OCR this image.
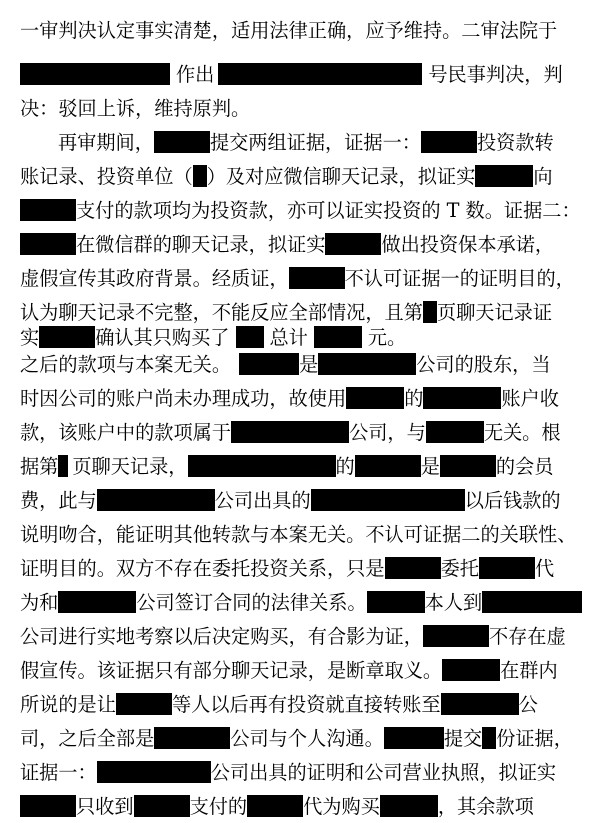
一审判决认定事实清楚，适用法律正确，应予维持。二审法院于
作出	号民事判决，判
决：驳回上诉，维持原判。
再审期间，	提交两组证据，证据一：	投资款转
账记录、投资单位（ ）及对应微信聊天记录，拟证实	向
支付的款项均为投资款，亦可以证实投资的 T 数。证据二：
在微信群的聊天记录，拟证实	做出投资保本承诺，
虚假宣传其政府背景。经质证，	不认可证据一的证明目的，
认为聊天记录不完整，不能反应全部情况，且第 页聊天记录证
实	确认其只购买了 总计	元。
之后的款项与本案无关。	是	公司的股东，当
时因公司的账户尚未办理成功，故使用	的	账户收
款，该账户中的款项属于	公司，与	无关。根
据第 页聊天记录，	的	是	的会员
费，此与	公司出具的	以后钱款的
说明吻合，能证明其他转款与本案无关。不认可证据二的关联性、
证明目的。双方不存在委托投资关系，只是	委托	代
为和	公司签订合同的法律关系。	本人到
公司进行实地考察以后决定购买，有合影为证，	不存在虚
假宣传。该证据只有部分聊天记录，是断章取义。	在群内
所说的是让	等人以后再有投资就直接转账至	公
司，之后全部是	公司与个人沟通。	提交 份证据，
证据一：	公司出具的证明和公司营业执照，拟证实
只收到	支付的	代为购买	，其余款项
